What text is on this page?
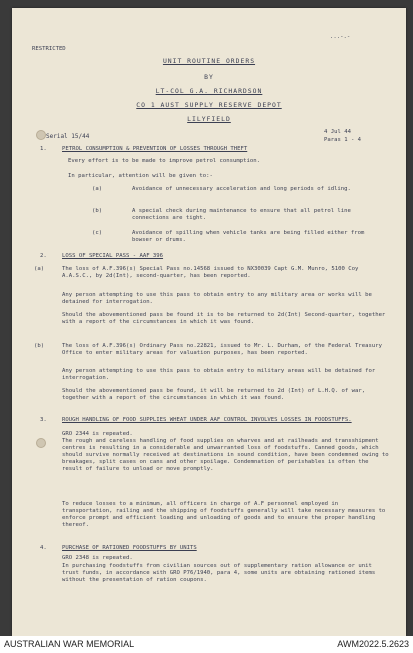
RESTRICTED
...-.-
UNIT ROUTINE ORDERS
BY
LT-COL G.A. RICHARDSON
CO 1 AUST SUPPLY RESERVE DEPOT
LILYFIELD
Serial 15/44
4 Jul 44
Paras 1 - 4
1.	PETROL CONSUMPTION & PREVENTION OF LOSSES THROUGH THEFT
Every effort is to be made to improve petrol consumption.
In particular, attention will be given to:-
(a)	Avoidance of unnecessary acceleration and long periods of idling.
(b)	A special check during maintenance to ensure that all petrol line connections are tight.
(c)	Avoidance of spilling when vehicle tanks are being filled either from bowser or drums.
2.	LOSS OF SPECIAL PASS - AAF 396
(a)	The loss of A.F.396(s) Special Pass no.14568 issued to NX30039 Capt G.M. Munro, 5100 Coy A.A.S.C., by 2d(Int), second-quarter, has been reported.
Any person attempting to use this pass to obtain entry to any military area or works will be detained for interrogation.
Should the abovementioned pass be found it is to be returned to 2d(Int) Second-quarter, together with a report of the circumstances in which it was found.
(b)	The loss of A.F.396(s) Ordinary Pass no.22821, issued to Mr. L. Durham, of the Federal Treasury Office to enter military areas for valuation purposes, has been reported.
Any person attempting to use this pass to obtain entry to military areas will be detained for interrogation.
Should the abovementioned pass be found, it will be returned to 2d (Int) of L.H.Q. of war, together with a report of the circumstances in which it was found.
3.	ROUGH HANDLING OF FOOD SUPPLIES WHEAT UNDER AAF CONTROL INVOLVES LOSSES IN FOODSTUFFS.
GRO 2344 is repeated.
The rough and careless handling of food supplies on wharves and at railheads and transshipment centres is resulting in a considerable and unwarranted loss of foodstuffs. Canned goods, which should survive normally received at destinations in sound condition, have been condemned owing to breakages, split cases on cans and other spoilage. Condemnation of perishables is often the result of failure to unload or move promptly.
To reduce losses to a minimum, all officers in charge of A.F personnel employed in transportation, railing and the shipping of foodstuffs generally will take necessary measures to enforce prompt and efficient loading and unloading of goods and to ensure the proper handling thereof.
4.	PURCHASE OF RATIONED FOODSTUFFS BY UNITS
GRO 2348 is repeated.
In purchasing foodstuffs from civilian sources out of supplementary ration allowance or unit trust funds, in accordance with GRO P76/1940, para 4, some units are obtaining rationed items without the presentation of ration coupons.
AUSTRALIAN WAR MEMORIAL	AWM2022.5.2623
